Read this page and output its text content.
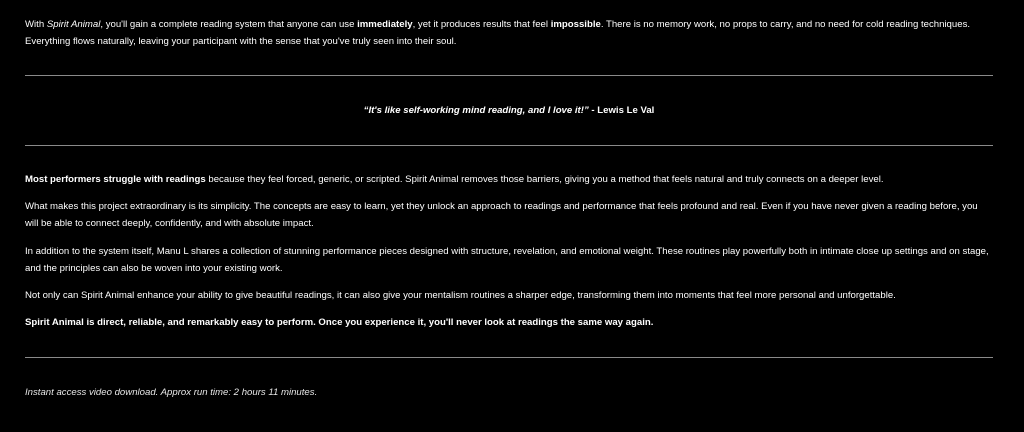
With Spirit Animal, you'll gain a complete reading system that anyone can use immediately, yet it produces results that feel impossible. There is no memory work, no props to carry, and no need for cold reading techniques. Everything flows naturally, leaving your participant with the sense that you've truly seen into their soul.

“It's like self-working mind reading, and I love it!” - Lewis Le Val

Most performers struggle with readings because they feel forced, generic, or scripted. Spirit Animal removes those barriers, giving you a method that feels natural and truly connects on a deeper level.

What makes this project extraordinary is its simplicity. The concepts are easy to learn, yet they unlock an approach to readings and performance that feels profound and real. Even if you have never given a reading before, you will be able to connect deeply, confidently, and with absolute impact.

In addition to the system itself, Manu L shares a collection of stunning performance pieces designed with structure, revelation, and emotional weight. These routines play powerfully both in intimate close up settings and on stage, and the principles can also be woven into your existing work.

Not only can Spirit Animal enhance your ability to give beautiful readings, it can also give your mentalism routines a sharper edge, transforming them into moments that feel more personal and unforgettable.

Spirit Animal is direct, reliable, and remarkably easy to perform. Once you experience it, you'll never look at readings the same way again.

Instant access video download. Approx run time: 2 hours 11 minutes.
